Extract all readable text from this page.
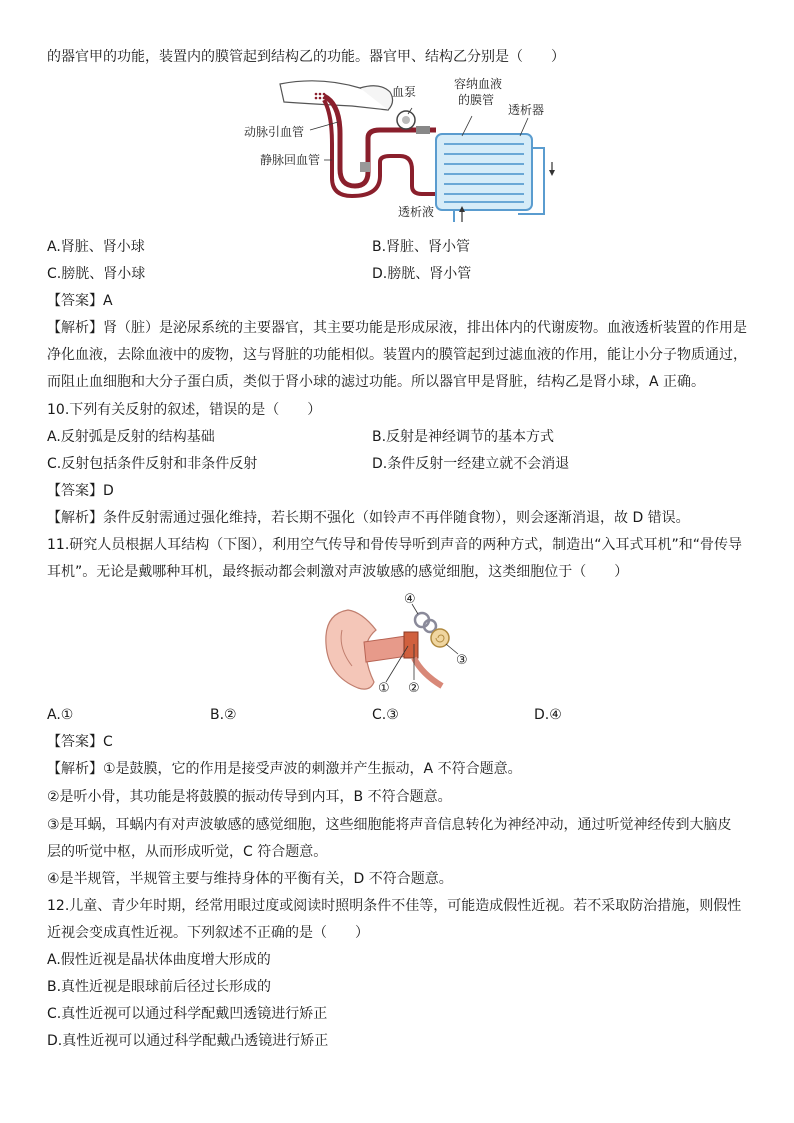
的器官甲的功能，装置内的膜管起到结构乙的功能。器官甲、结构乙分别是（　　）
血泵
容纳血液
的膜管
透析器
动脉引血管
静脉回血管
透析液
A.肾脏、肾小球	B.肾脏、肾小管
C.膀胱、肾小球	D.膀胱、肾小管
【答案】A
【解析】肾（脏）是泌尿系统的主要器官，其主要功能是形成尿液，排出体内的代谢废物。血液透析装置的作用是
净化血液，去除血液中的废物，这与肾脏的功能相似。装置内的膜管起到过滤血液的作用，能让小分子物质通过，
而阻止血细胞和大分子蛋白质，类似于肾小球的滤过功能。所以器官甲是肾脏，结构乙是肾小球，A 正确。
10.下列有关反射的叙述，错误的是（　　）
A.反射弧是反射的结构基础	B.反射是神经调节的基本方式
C.反射包括条件反射和非条件反射	D.条件反射一经建立就不会消退
【答案】D
【解析】条件反射需通过强化维持，若长期不强化（如铃声不再伴随食物），则会逐渐消退，故 D 错误。
11.研究人员根据人耳结构（下图），利用空气传导和骨传导听到声音的两种方式，制造出“入耳式耳机”和“骨传导
耳机”。无论是戴哪种耳机，最终振动都会刺激对声波敏感的感觉细胞，这类细胞位于（　　）
① ②
③
④
A.①	B.②	C.③	D.④
【答案】C
【解析】①是鼓膜，它的作用是接受声波的刺激并产生振动，A 不符合题意。
②是听小骨，其功能是将鼓膜的振动传导到内耳，B 不符合题意。
③是耳蜗，耳蜗内有对声波敏感的感觉细胞，这些细胞能将声音信息转化为神经冲动，通过听觉神经传到大脑皮
层的听觉中枢，从而形成听觉，C 符合题意。
④是半规管，半规管主要与维持身体的平衡有关，D 不符合题意。
12.儿童、青少年时期，经常用眼过度或阅读时照明条件不佳等，可能造成假性近视。若不采取防治措施，则假性
近视会变成真性近视。下列叙述不正确的是（　　）
A.假性近视是晶状体曲度增大形成的
B.真性近视是眼球前后径过长形成的
C.真性近视可以通过科学配戴凹透镜进行矫正
D.真性近视可以通过科学配戴凸透镜进行矫正
